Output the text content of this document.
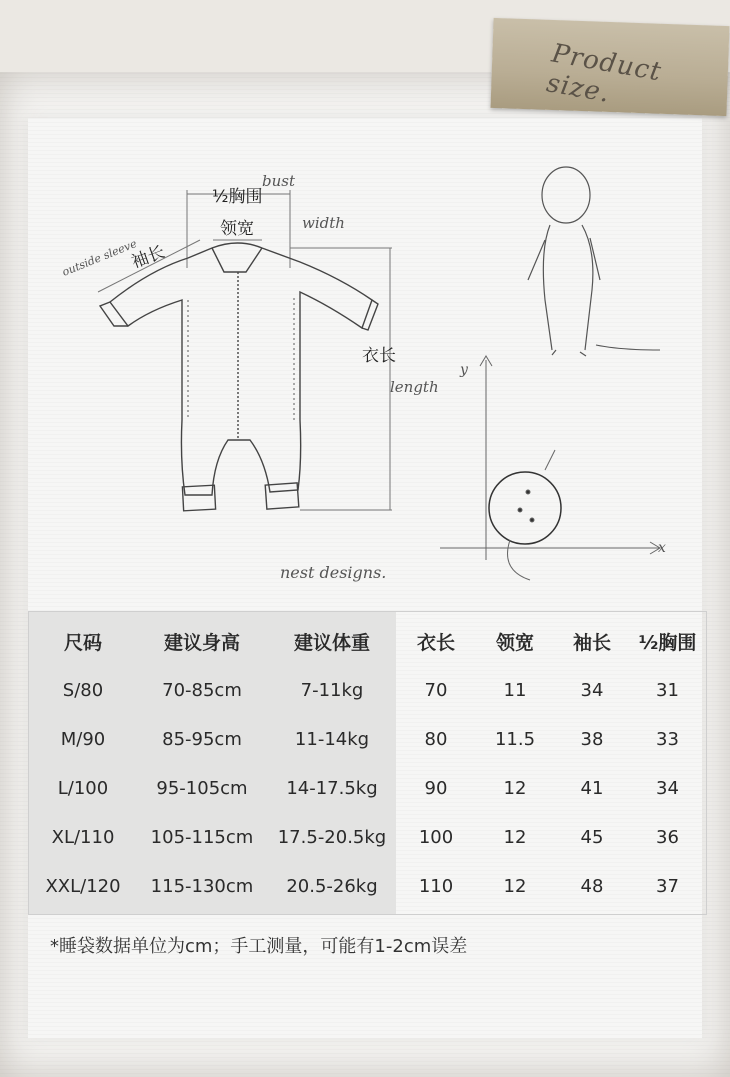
Product size.
bust
½胸围
领宽	width
outside sleeve
袖长
衣长
length
nest designs.
y
x
尺码	建议身高	建议体重	衣长	领宽	袖长	½胸围
S/80	70-85cm	7-11kg	70	11	34	31
M/90	85-95cm	11-14kg	80	11.5	38	33
L/100	95-105cm	14-17.5kg	90	12	41	34
XL/110	105-115cm	17.5-20.5kg	100	12	45	36
XXL/120	115-130cm	20.5-26kg	110	12	48	37
*睡袋数据单位为cm；手工测量，可能有1-2cm误差
